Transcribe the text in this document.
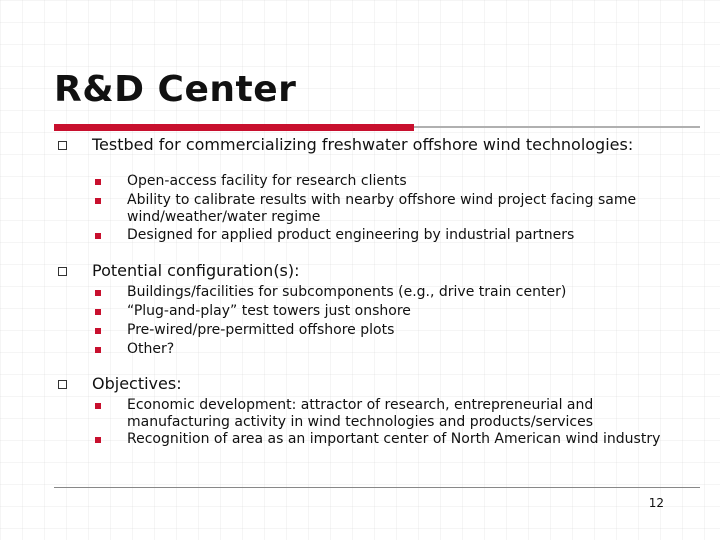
R&D Center
Testbed for commercializing freshwater offshore wind technologies:
Open-access facility for research clients
Ability to calibrate results with nearby offshore wind project facing same wind/weather/water regime
Designed for applied product engineering by industrial partners
Potential configuration(s):
Buildings/facilities for subcomponents (e.g., drive train center)
“Plug-and-play” test towers just onshore
Pre-wired/pre-permitted offshore plots
Other?
Objectives:
Economic development: attractor of research, entrepreneurial and manufacturing activity in wind technologies and products/services
Recognition of area as an important center of North American wind industry
12
